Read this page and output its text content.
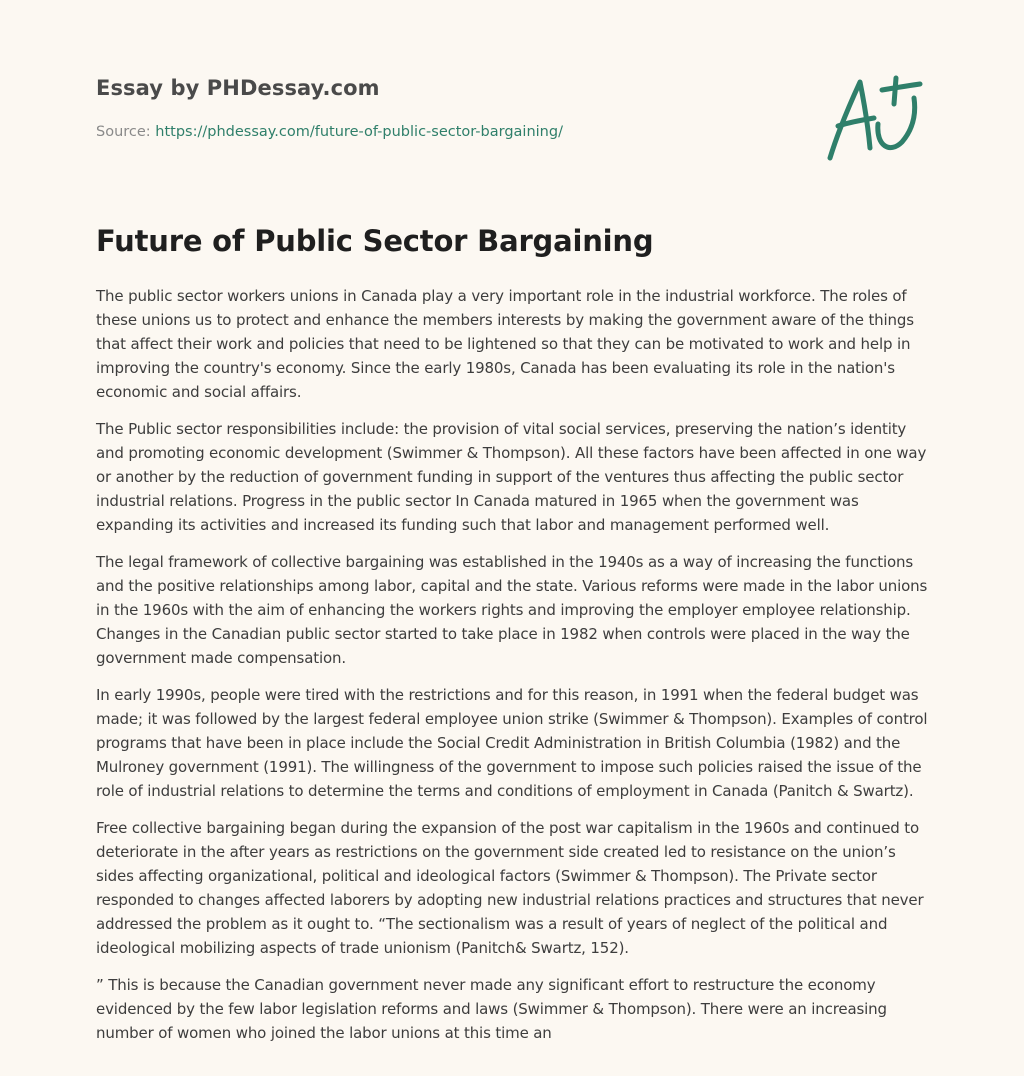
Essay by PHDessay.com
Source: https://phdessay.com/future-of-public-sector-bargaining/
Future of Public Sector Bargaining

The public sector workers unions in Canada play a very important role in the industrial workforce. The roles of these unions us to protect and enhance the members interests by making the government aware of the things that affect their work and policies that need to be lightened so that they can be motivated to work and help in improving the country's economy. Since the early 1980s, Canada has been evaluating its role in the nation's economic and social affairs.

The Public sector responsibilities include: the provision of vital social services, preserving the nation’s identity and promoting economic development (Swimmer & Thompson). All these factors have been affected in one way or another by the reduction of government funding in support of the ventures thus affecting the public sector industrial relations. Progress in the public sector In Canada matured in 1965 when the government was expanding its activities and increased its funding such that labor and management performed well.

The legal framework of collective bargaining was established in the 1940s as a way of increasing the functions and the positive relationships among labor, capital and the state. Various reforms were made in the labor unions in the 1960s with the aim of enhancing the workers rights and improving the employer employee relationship. Changes in the Canadian public sector started to take place in 1982 when controls were placed in the way the government made compensation.

In early 1990s, people were tired with the restrictions and for this reason, in 1991 when the federal budget was made; it was followed by the largest federal employee union strike (Swimmer & Thompson). Examples of control programs that have been in place include the Social Credit Administration in British Columbia (1982) and the Mulroney government (1991). The willingness of the government to impose such policies raised the issue of the role of industrial relations to determine the terms and conditions of employment in Canada (Panitch & Swartz).

Free collective bargaining began during the expansion of the post war capitalism in the 1960s and continued to deteriorate in the after years as restrictions on the government side created led to resistance on the union’s sides affecting organizational, political and ideological factors (Swimmer & Thompson). The Private sector responded to changes affected laborers by adopting new industrial relations practices and structures that never addressed the problem as it ought to. “The sectionalism was a result of years of neglect of the political and ideological mobilizing aspects of trade unionism (Panitch& Swartz, 152).

” This is because the Canadian government never made any significant effort to restructure the economy evidenced by the few labor legislation reforms and laws (Swimmer & Thompson). There were an increasing number of women who joined the labor unions at this time an
